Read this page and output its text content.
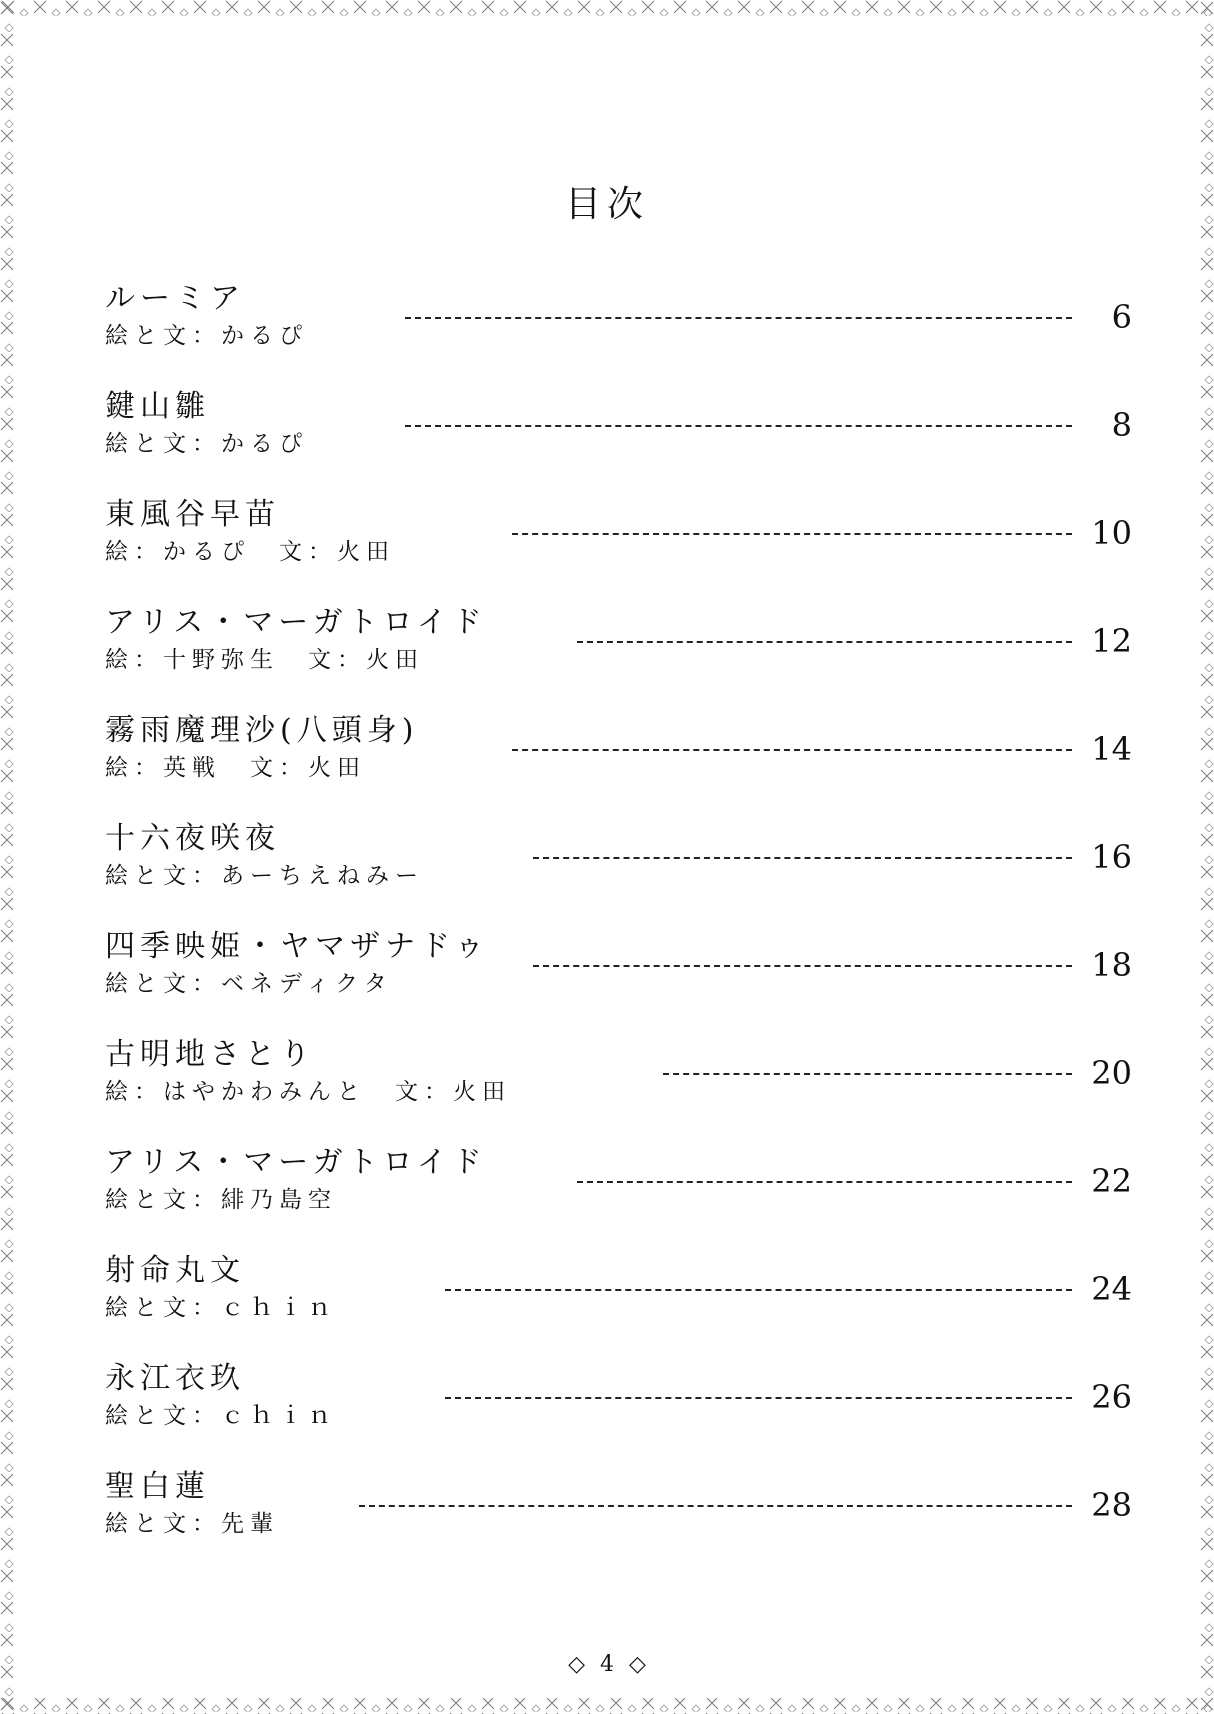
目次
ルーミア
絵と文：かるぴ	6
鍵山雛
絵と文：かるぴ	8
東風谷早苗
絵：かるぴ　文：火田	10
アリス・マーガトロイド
絵：十野弥生　文：火田	12
霧雨魔理沙(八頭身)
絵：英戦　文：火田	14
十六夜咲夜
絵と文：あーちえねみー	16
四季映姫・ヤマザナドゥ
絵と文：ベネディクタ	18
古明地さとり
絵：はやかわみんと　文：火田	20
アリス・マーガトロイド
絵と文：緋乃島空	22
射命丸文
絵と文：ｃｈｉｎ	24
永江衣玖
絵と文：ｃｈｉｎ	26
聖白蓮
絵と文：先輩	28
◇ 4 ◇
